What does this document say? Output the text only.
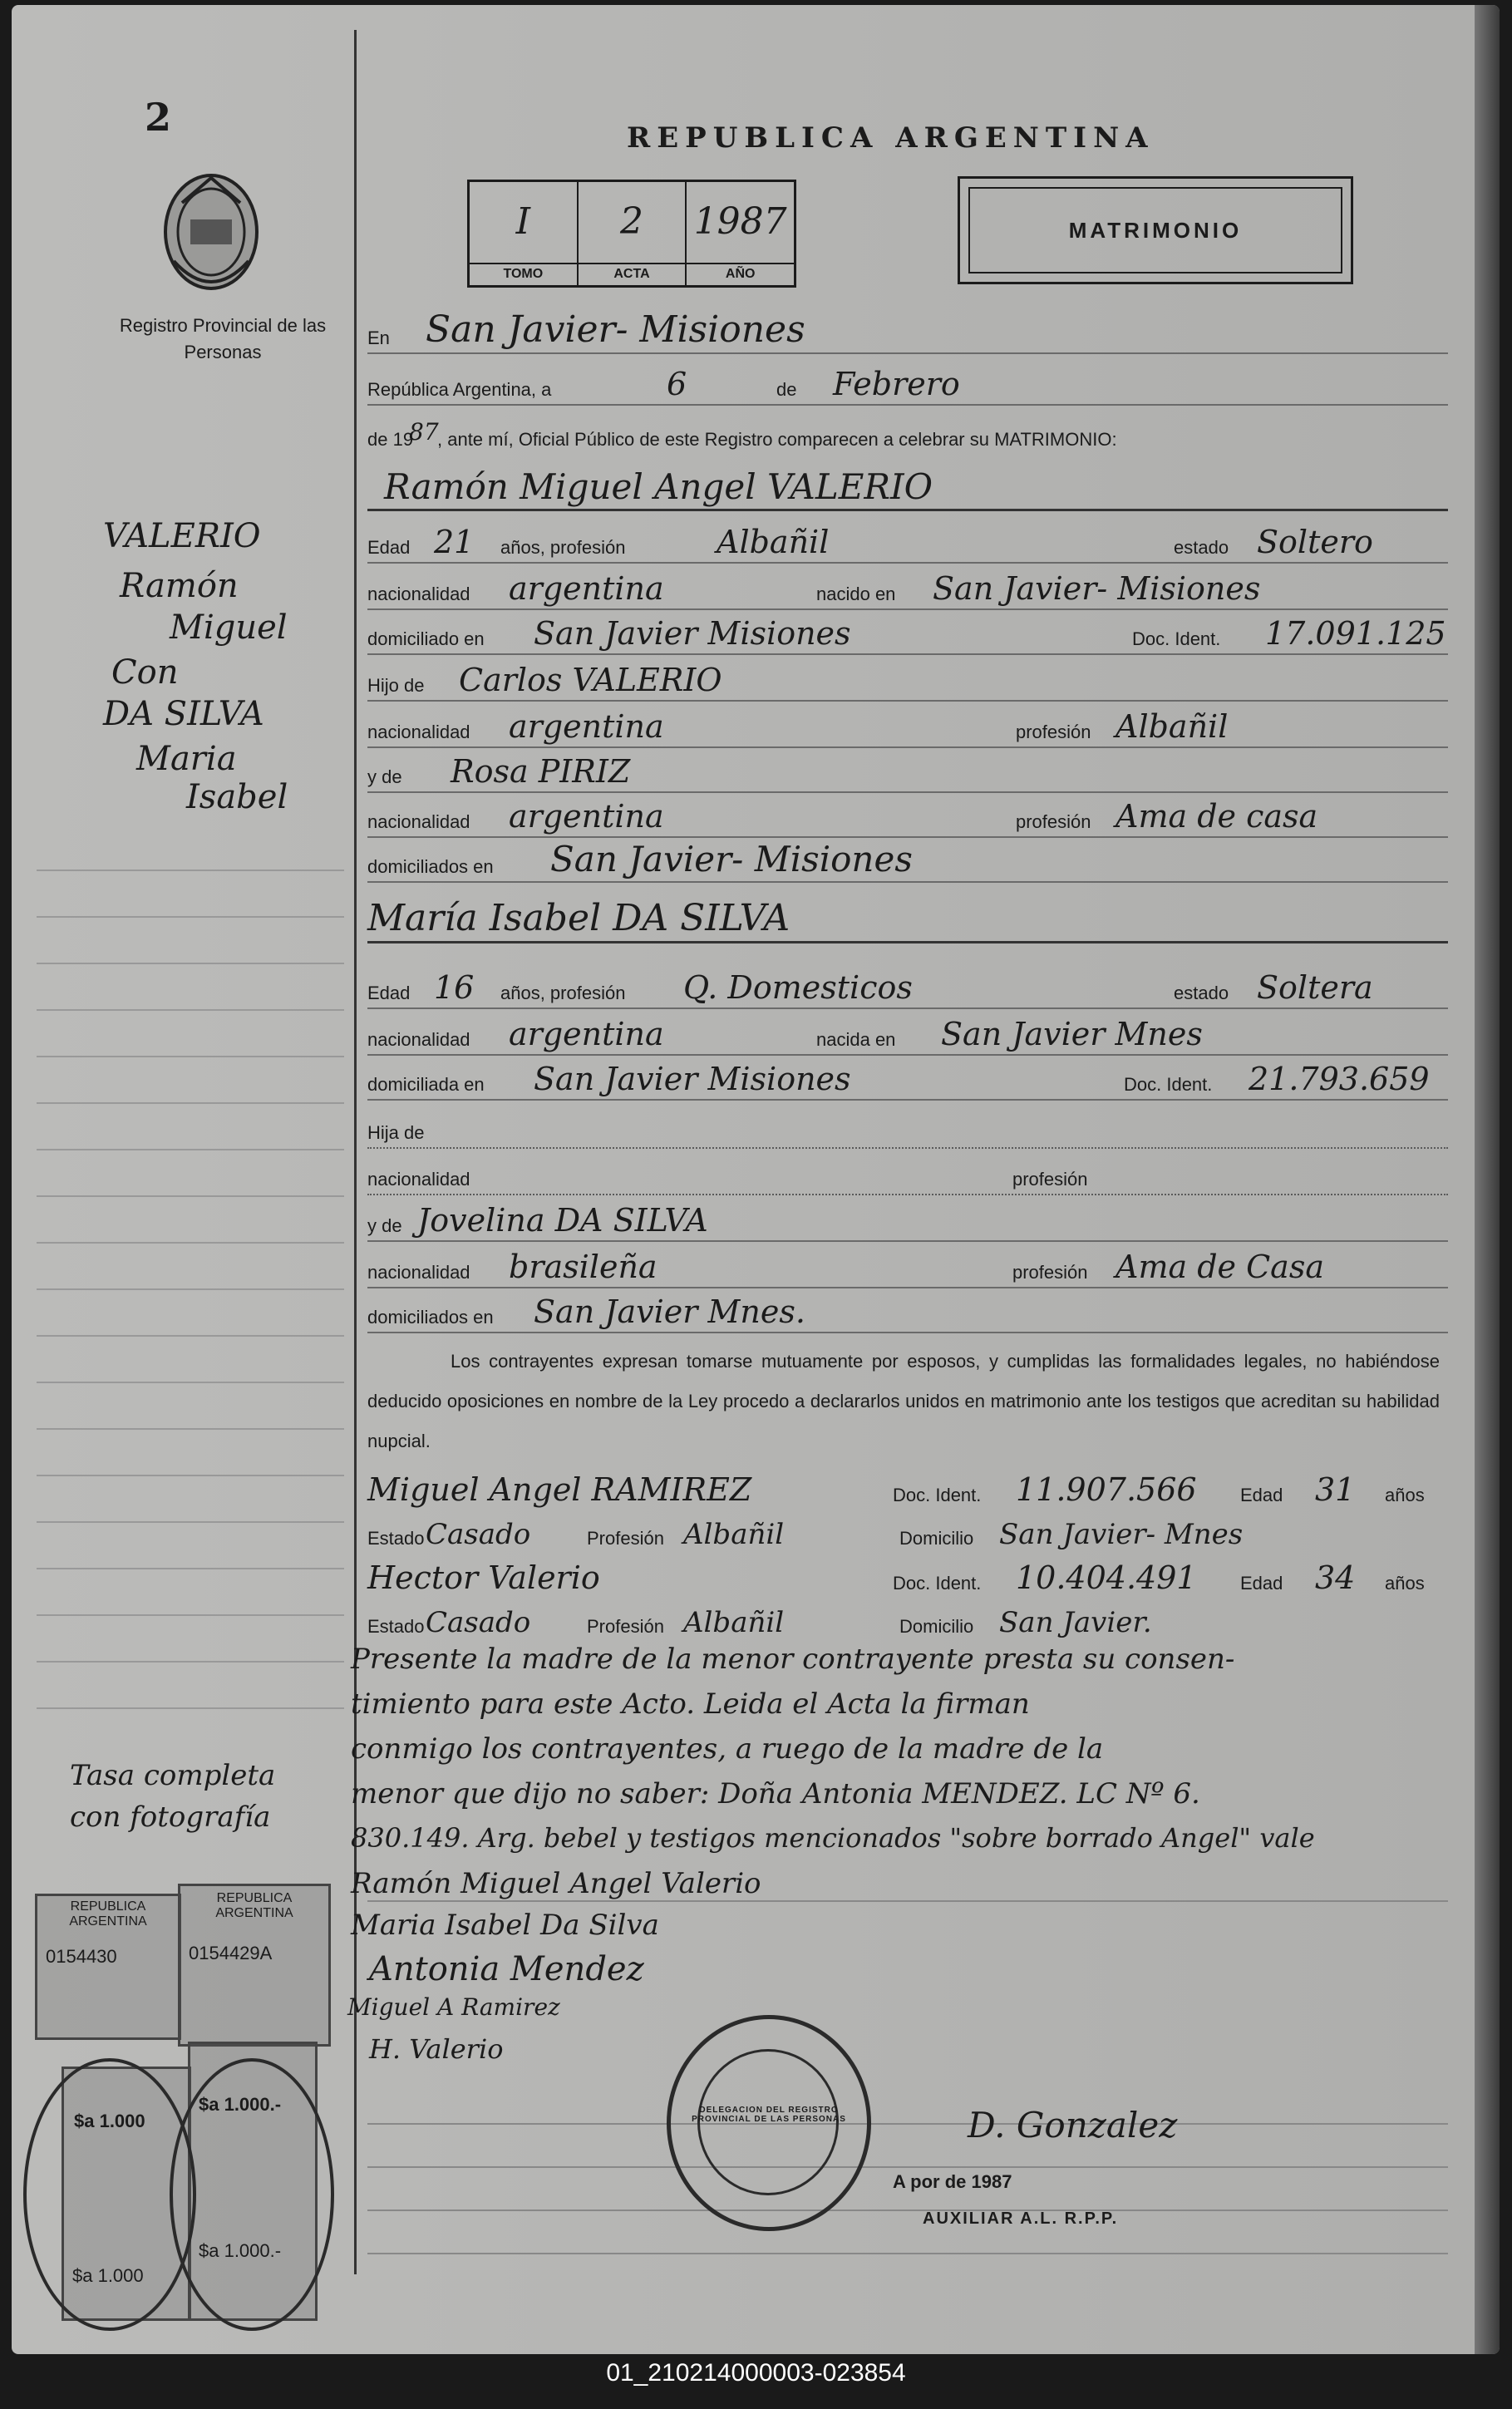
2
Registro Provincial de las Personas
REPUBLICA ARGENTINA
I
TOMO
2
ACTA
1987
AÑO
MATRIMONIO
En San Javier- Misiones
República Argentina, a	6	de Febrero
de 19
87
, ante mí, Oficial Público de este Registro comparecen a celebrar su MATRIMONIO:
Ramón Miguel Angel VALERIO
Edad 21 años, profesión	Albañil	estado Soltero
nacionalidad argentina	nacido en San Javier- Misiones
domiciliado en San Javier Misiones	Doc. Ident. 17.091.125
Hijo de Carlos VALERIO
nacionalidad argentina	profesión Albañil
y de Rosa PIRIZ
nacionalidad argentina	profesión Ama de casa
domiciliados en San Javier- Misiones
María Isabel DA SILVA
Edad 16 años, profesión Q. Domesticos	estado Soltera
nacionalidad argentina	nacida en San Javier Mnes
domiciliada en San Javier Misiones	Doc. Ident. 21.793.659
Hija de
nacionalidad	profesión
y de Jovelina DA SILVA
nacionalidad brasileña	profesión Ama de Casa
domiciliados en San Javier Mnes.
Los contrayentes expresan tomarse mutuamente por esposos, y cumplidas las formalidades legales, no habiéndose deducido oposiciones en nombre de la Ley procedo a declararlos unidos en matrimonio ante los testigos que acreditan su habilidad nupcial.
Miguel Angel RAMIREZ	Doc. Ident. 11.907.566 Edad 31 años
Estado Casado	Profesión Albañil	Domicilio San Javier- Mnes
Hector Valerio	Doc. Ident. 10.404.491 Edad 34 años
Estado Casado	Profesión Albañil	Domicilio San Javier.
Presente la madre de la menor contrayente presta su consen-
timiento para este Acto. Leida el Acta la firman
conmigo los contrayentes, a ruego de la madre de la
menor que dijo no saber: Doña Antonia MENDEZ. LC Nº 6.
830.149. Arg. bebel y testigos mencionados "sobre borrado Angel" vale
Ramón Miguel Angel Valerio
Maria Isabel Da Silva
Antonia Mendez
Miguel A Ramirez
H. Valerio
VALERIO
Ramón
Miguel
Con
DA SILVA
Maria
Isabel
Tasa completa
con fotografía
REPUBLICA ARGENTINA
0154430
REPUBLICA ARGENTINA
0154429A
$a 1.000
$a 1.000
$a 1.000.-
$a 1.000.-
DELEGACION DEL REGISTRO PROVINCIAL DE LAS PERSONAS	D. Gonzalez
A por de 1987
AUXILIAR A.L. R.P.P.
01_210214000003-023854
